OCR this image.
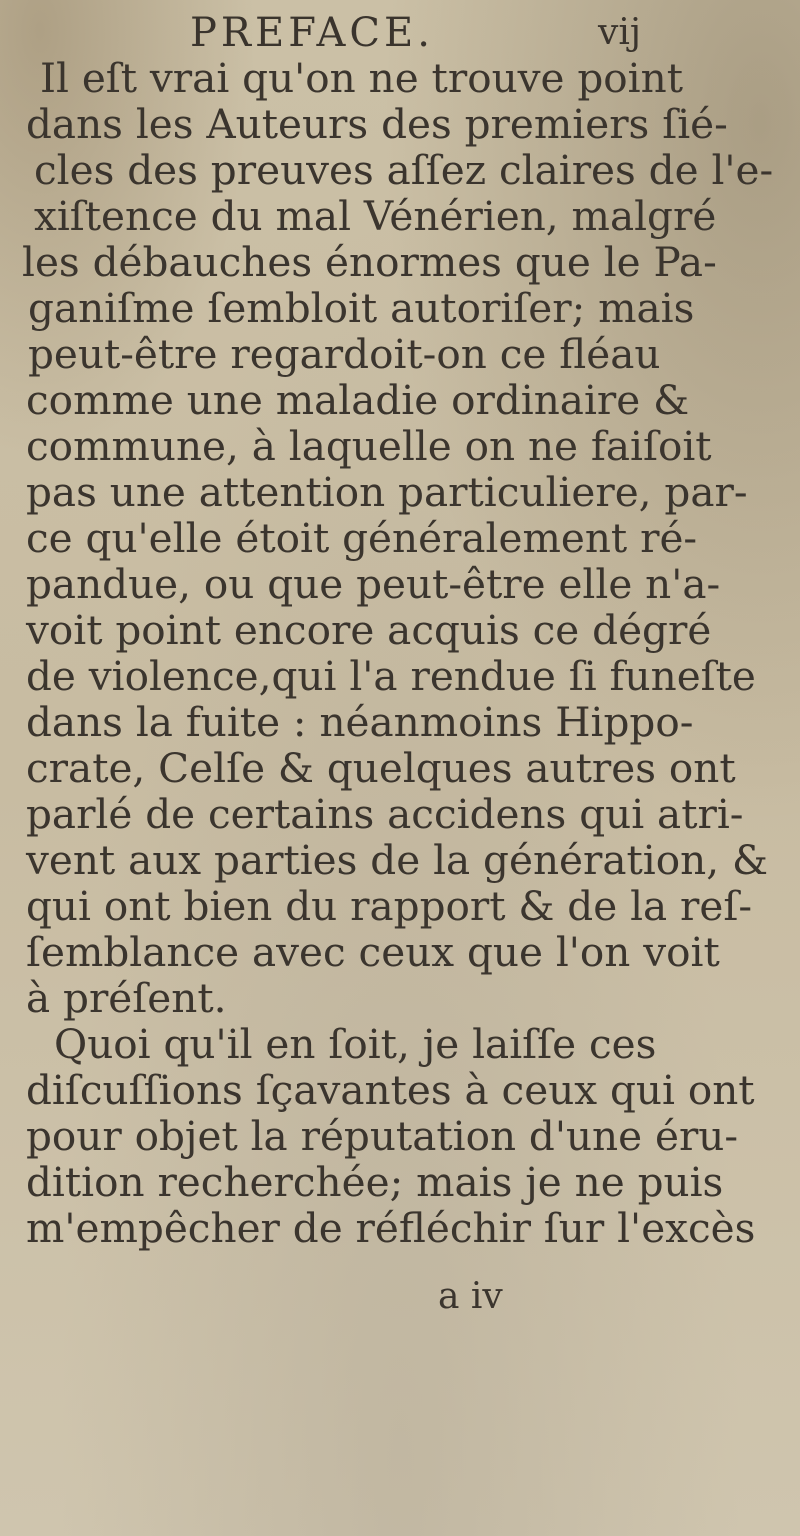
PREFACE.	vij
Il eſt vrai qu'on ne trouve point
dans les Auteurs des premiers ſié-
cles des preuves aſſez claires de l'e-
xiſtence du mal Vénérien, malgré
les débauches énormes que le Pa-
ganiſme ſembloit autoriſer; mais
peut-être regardoit-on ce fléau
comme une maladie ordinaire &
commune, à laquelle on ne faiſoit
pas une attention particuliere, par-
ce qu'elle étoit généralement ré-
pandue, ou que peut-être elle n'a-
voit point encore acquis ce dégré
de violence,qui l'a rendue ſi funeſte
dans la fuite : néanmoins Hippo-
crate, Celſe & quelques autres ont
parlé de certains accidens qui atri-
vent aux parties de la génération, &
qui ont bien du rapport & de la reſ-
ſemblance avec ceux que l'on voit
à préſent.
Quoi qu'il en ſoit, je laiſſe ces
diſcuſſions ſçavantes à ceux qui ont
pour objet la réputation d'une éru-
dition recherchée; mais je ne puis
m'empêcher de réfléchir ſur l'excès
a iv
